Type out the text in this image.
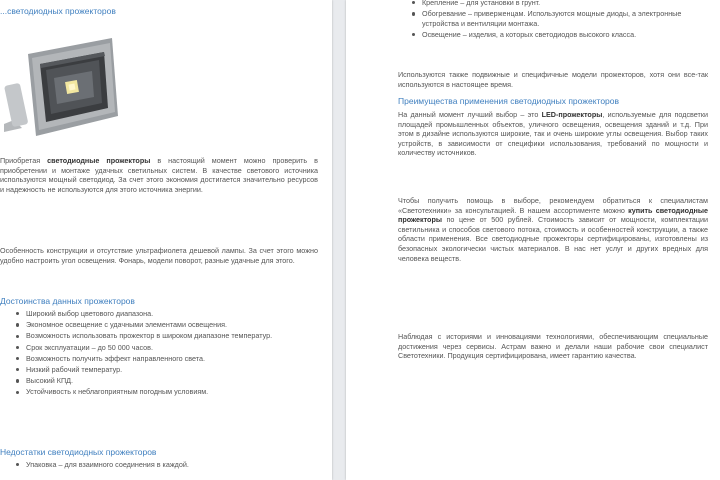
...светодиодных прожекторов

Приобретая светодиодные прожекторы в настоящий момент можно проверить в приобретении и монтаже удачных светильных систем. В качестве светового источника используются мощный светодиод. За счет этого экономия достигается значительно ресурсов и надежность не используются для этого источника энергии.

Особенность конструкции и отсутствие ультрафиолета дешевой лампы. За счет этого можно удобно настроить угол освещения. Фонарь, модели поворот, разные удачные для этого.

Достоинства данных прожекторов

Широкий выбор цветового диапазона.
Экономное освещение с удачными элементами освещения.
Возможность использовать прожектор в широком диапазоне температур.
Срок эксплуатации – до 50 000 часов.
Возможность получить эффект направленного света.
Низкий рабочий температур.
Высокий КПД.
Устойчивость к неблагоприятным погодным условиям.

Недостатки светодиодных прожекторов

Упаковка – для взаимного соединения в каждой.
Крепление – для установки в грунт.
Обогревание – приверженцам. Используются мощные диоды, а электронные устройства и вентиляции монтажа.
Освещение – изделия, а которых светодиодов высокого класса.

Используются также подвижные и специфичные модели прожекторов, хотя они все-так используются в настоящее время.

Преимущества применения светодиодных прожекторов

На данный момент лучший выбор – это LED-прожекторы, используемые для подсветки площадей промышленных объектов, уличного освещения, освещения зданий и т.д. При этом в дизайне используются широкие, так и очень широкие углы освещения. Выбор таких устройств, в зависимости от специфики использования, требований по мощности и количеству источников.

Чтобы получить помощь в выборе, рекомендуем обратиться к специалистам «Светотехники» за консультацией. В нашем ассортименте можно купить светодиодные прожекторы по цене от 500 рублей. Стоимость зависит от мощности, комплектации светильника и способов светового потока, стоимость и особенностей конструкции, а также области применения. Все светодиодные прожекторы сертифицированы, изготовлены из безопасных экологически чистых материалов. В нас нет услуг и других вредных для человека веществ.

Наблюдая с историями и инновациями технологиями, обеспечивающим специальные достижения через сервисы. Астрам важно и делали наши рабочие свои специалист Светотехники. Продукция сертифицирована, имеет гарантию качества.
